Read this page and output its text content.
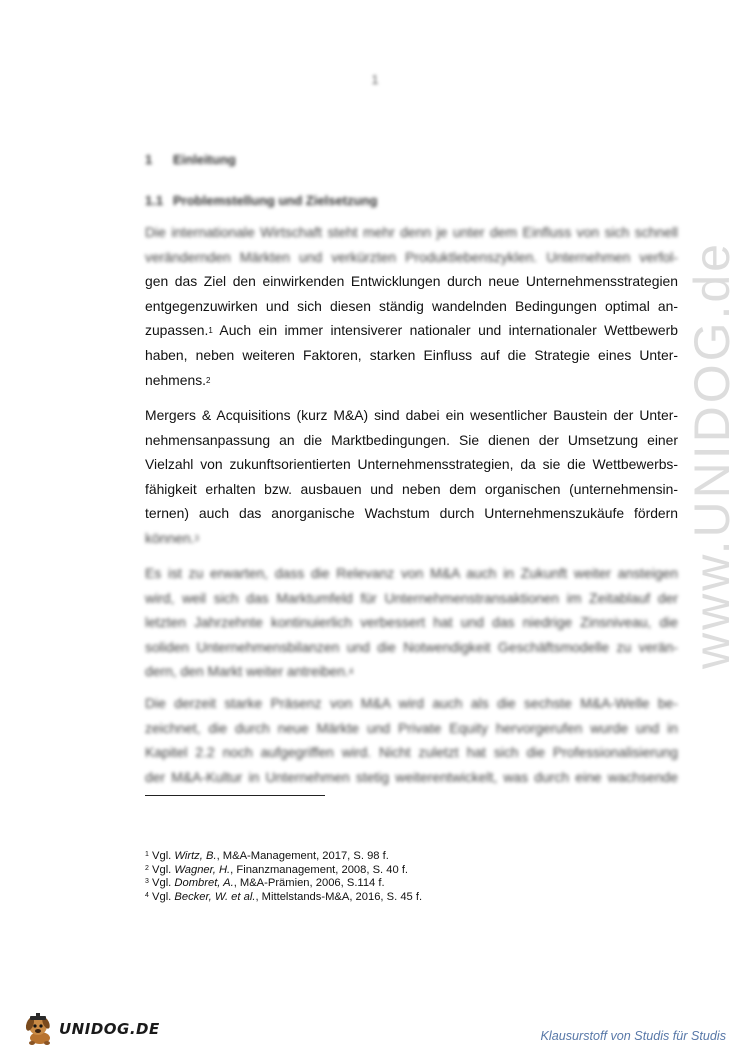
1
1 Einleitung
1.1 Problemstellung und Zielsetzung
Die internationale Wirtschaft steht mehr denn je unter dem Einfluss von sich schnell
verändernden Märkten und verkürzten Produktlebenszyklen. Unternehmen verfol-
gen das Ziel den einwirkenden Entwicklungen durch neue Unternehmensstrategien
entgegenzuwirken und sich diesen ständig wandelnden Bedingungen optimal an-
zupassen.$^1$ Auch ein immer intensiverer nationaler und internationaler Wettbewerb
haben, neben weiteren Faktoren, starken Einfluss auf die Strategie eines Unter-
nehmens.$^2$
Mergers & Acquisitions (kurz M&A) sind dabei ein wesentlicher Baustein der Unter-
nehmensanpassung an die Marktbedingungen. Sie dienen der Umsetzung einer
Vielzahl von zukunftsorientierten Unternehmensstrategien, da sie die Wettbewerbs-
fähigkeit erhalten bzw. ausbauen und neben dem organischen (unternehmensin-
ternen) auch das anorganische Wachstum durch Unternehmenszukäufe fördern
können.$^3$
Es ist zu erwarten, dass die Relevanz von M&A auch in Zukunft weiter ansteigen
wird, weil sich das Marktumfeld für Unternehmenstransaktionen im Zeitablauf der
letzten Jahrzehnte kontinuierlich verbessert hat und das niedrige Zinsniveau, die
soliden Unternehmensbilanzen und die Notwendigkeit Geschäftsmodelle zu verän-
dern, den Markt weiter antreiben.$^4$
Die derzeit starke Präsenz von M&A wird auch als die sechste M&A-Welle be-
zeichnet, die durch neue Märkte und Private Equity hervorgerufen wurde und in
Kapitel 2.2 noch aufgegriffen wird. Nicht zuletzt hat sich die Professionalisierung
der M&A-Kultur in Unternehmen stetig weiterentwickelt, was durch eine wachsende
$^1$ Vgl. Wirtz, B., M&A-Management, 2017, S. 98 f.
$^2$ Vgl. Wagner, H., Finanzmanagement, 2008, S. 40 f.
$^3$ Vgl. Dombret, A., M&A-Prämien, 2006, S.114 f.
$^4$ Vgl. Becker, W. et al., Mittelstands-M&A, 2016, S. 45 f.
www.UNIDOG.de
UNIDOG.DE	Klausurstoff von Studis für Studis
